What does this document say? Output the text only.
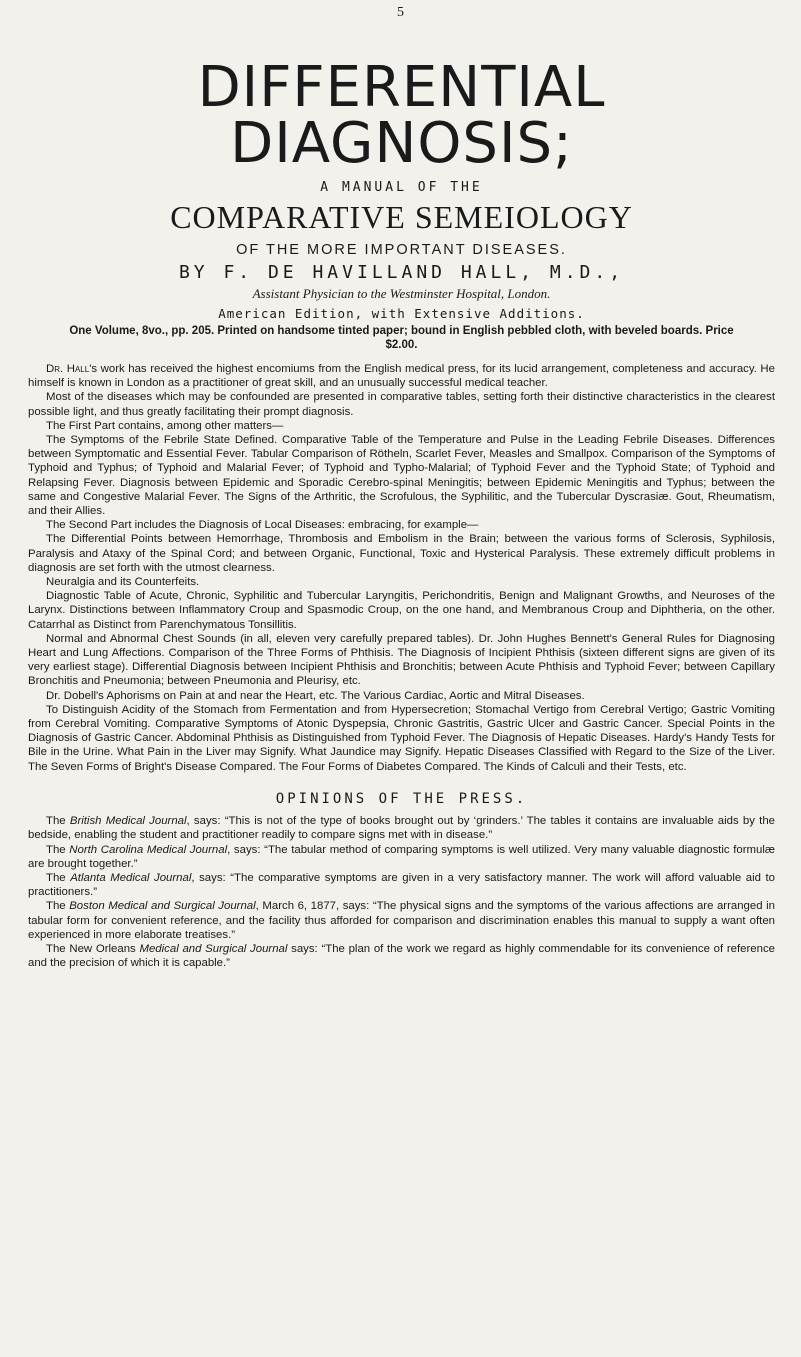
5
DIFFERENTIAL DIAGNOSIS;
A MANUAL OF THE
COMPARATIVE SEMEIOLOGY
OF THE MORE IMPORTANT DISEASES.
BY F. DE HAVILLAND HALL, M.D.,
Assistant Physician to the Westminster Hospital, London.
American Edition, with Extensive Additions.
One Volume, 8vo., pp. 205. Printed on handsome tinted paper; bound in English pebbled cloth, with beveled boards. Price $2.00.

Dr. Hall's work has received the highest encomiums from the English medical press, for its lucid arrangement, completeness and accuracy. He himself is known in London as a practitioner of great skill, and an unusually successful medical teacher.

Most of the diseases which may be confounded are presented in comparative tables, setting forth their distinctive characteristics in the clearest possible light, and thus greatly facilitating their prompt diagnosis.

The First Part contains, among other matters—

The Symptoms of the Febrile State Defined. Comparative Table of the Temperature and Pulse in the Leading Febrile Diseases. Differences between Symptomatic and Essential Fever. Tabular Comparison of Rötheln, Scarlet Fever, Measles and Smallpox. Comparison of the Symptoms of Typhoid and Typhus; of Typhoid and Malarial Fever; of Typhoid and Typho-Malarial; of Typhoid Fever and the Typhoid State; of Typhoid and Relapsing Fever. Diagnosis between Epidemic and Sporadic Cerebro-spinal Meningitis; between Epidemic Meningitis and Typhus; between the same and Congestive Malarial Fever. The Signs of the Arthritic, the Scrofulous, the Syphilitic, and the Tubercular Dyscrasiæ. Gout, Rheumatism, and their Allies.

The Second Part includes the Diagnosis of Local Diseases: embracing, for example—

The Differential Points between Hemorrhage, Thrombosis and Embolism in the Brain; between the various forms of Sclerosis, Syphilosis, Paralysis and Ataxy of the Spinal Cord; and between Organic, Functional, Toxic and Hysterical Paralysis. These extremely difficult problems in diagnosis are set forth with the utmost clearness.

Neuralgia and its Counterfeits.

Diagnostic Table of Acute, Chronic, Syphilitic and Tubercular Laryngitis, Perichondritis, Benign and Malignant Growths, and Neuroses of the Larynx. Distinctions between Inflammatory Croup and Spasmodic Croup, on the one hand, and Membranous Croup and Diphtheria, on the other. Catarrhal as Distinct from Parenchymatous Tonsillitis.

Normal and Abnormal Chest Sounds (in all, eleven very carefully prepared tables). Dr. John Hughes Bennett's General Rules for Diagnosing Heart and Lung Affections. Comparison of the Three Forms of Phthisis. The Diagnosis of Incipient Phthisis (sixteen different signs are given of its very earliest stage). Differential Diagnosis between Incipient Phthisis and Bronchitis; between Acute Phthisis and Typhoid Fever; between Capillary Bronchitis and Pneumonia; between Pneumonia and Pleurisy, etc.

Dr. Dobell's Aphorisms on Pain at and near the Heart, etc. The Various Cardiac, Aortic and Mitral Diseases.

To Distinguish Acidity of the Stomach from Fermentation and from Hypersecretion; Stomachal Vertigo from Cerebral Vertigo; Gastric Vomiting from Cerebral Vomiting. Comparative Symptoms of Atonic Dyspepsia, Chronic Gastritis, Gastric Ulcer and Gastric Cancer. Special Points in the Diagnosis of Gastric Cancer. Abdominal Phthisis as Distinguished from Typhoid Fever. The Diagnosis of Hepatic Diseases. Hardy's Handy Tests for Bile in the Urine. What Pain in the Liver may Signify. What Jaundice may Signify. Hepatic Diseases Classified with Regard to the Size of the Liver. The Seven Forms of Bright's Disease Compared. The Four Forms of Diabetes Compared. The Kinds of Calculi and their Tests, etc.

OPINIONS OF THE PRESS.

The British Medical Journal, says: “This is not of the type of books brought out by ‘grinders.’ The tables it contains are invaluable aids by the bedside, enabling the student and practitioner readily to compare signs met with in disease.”

The North Carolina Medical Journal, says: “The tabular method of comparing symptoms is well utilized. Very many valuable diagnostic formulæ are brought together.”

The Atlanta Medical Journal, says: “The comparative symptoms are given in a very satisfactory manner. The work will afford valuable aid to practitioners.”

The Boston Medical and Surgical Journal, March 6, 1877, says: “The physical signs and the symptoms of the various affections are arranged in tabular form for convenient reference, and the facility thus afforded for comparison and discrimination enables this manual to supply a want often experienced in more elaborate treatises.”

The New Orleans Medical and Surgical Journal says: “The plan of the work we regard as highly commendable for its convenience of reference and the precision of which it is capable.”
